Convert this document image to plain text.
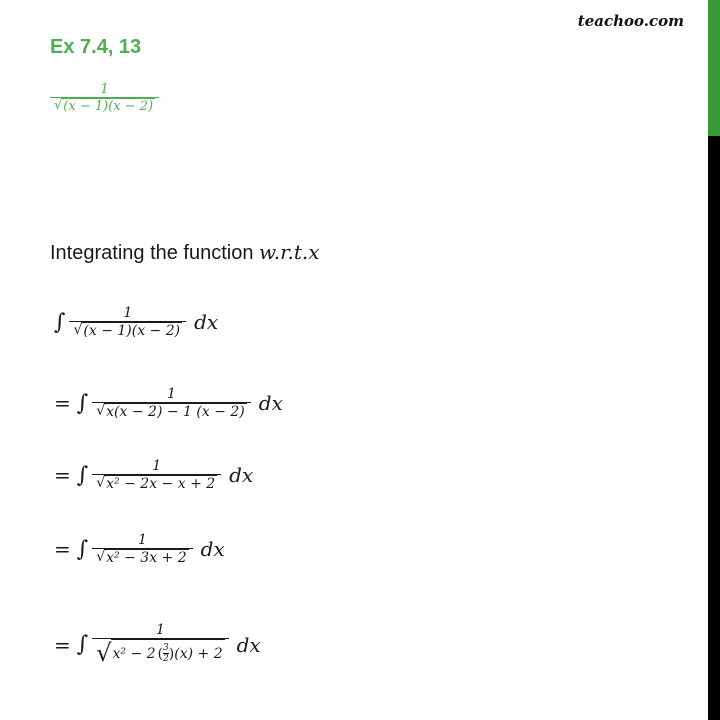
teachoo.com
Ex 7.4, 13
$\frac{1}{√ (x - 1)(x - 2)}$
Integrating the function w.r.t.x
∫ $\frac{1}{√ (x - 1)(x - 2)}$ dx
= ∫ $\frac{1}{√ x(x - 2) - 1 (x - 2)}$ dx
= ∫ $\frac{1}{\text{√ x² − 2x − x + 2}}$ dx
= ∫ $\frac{1}{\text{√ x² − 3x + 2}}$ dx
= ∫
1
√ x² − 2 ( $\frac{3}{2}$ ) (x) + 2 dx
